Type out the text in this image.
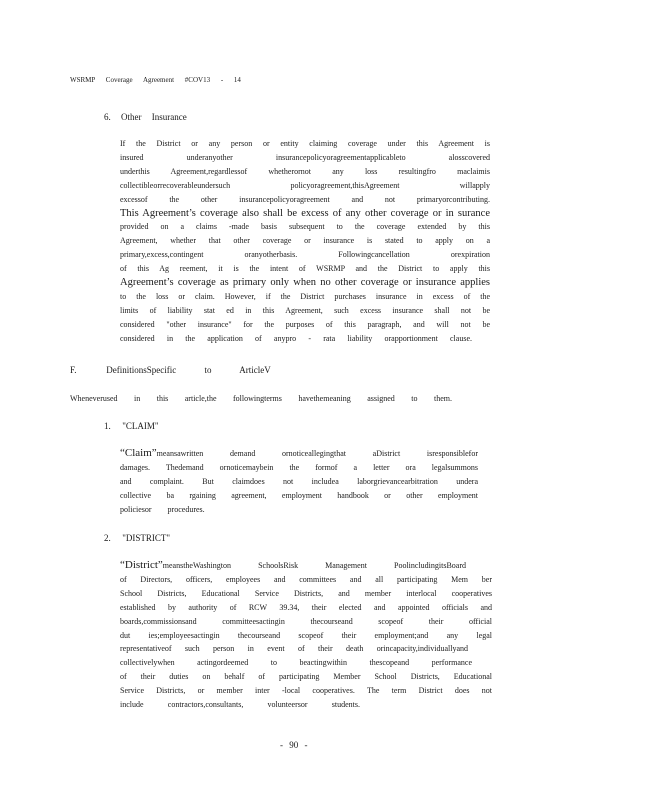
WSRMP Coverage Agreement #COV13 - 14
6. Other Insurance

If the District or any person or entity claiming coverage under this Agreement is

insured underanyother insurancepolicyoragreementapplicableto alosscovered

underthis Agreement,regardlessof whetherornot any loss resultingfro maclaimis

collectibleorrecoverableundersuch policyoragreement,thisAgreement willapply

excessof the other insurancepolicyoragreement and not primaryorcontributing.

This Agreement’s coverage also shall be excess of any other coverage or in surance

provided on a claims -made basis subsequent to the coverage extended by this

Agreement, whether that other coverage or insurance is stated to apply on a

primary,excess,contingent oranyotherbasis. Followingcancellation orexpiration

of this Ag reement, it is the intent of WSRMP and the District to apply this

Agreement’s coverage as primary only when no other coverage or insurance applies

to the loss or claim. However, if the District purchases insurance in excess of the

limits of liability stat ed in this Agreement, such excess insurance shall not be

considered "other insurance" for the purposes of this paragraph, and will not be

considered in the application of anypro - rata liability orapportionment clause.

F.	DefinitionsSpecific to ArticleV
Wheneverused in this article,the followingterms havethemeaning assigned to them.
1. "CLAIM"

“Claim”meansawritten demand ornoticeallegingthat aDistrict isresponsiblefor

damages. Thedemand ornoticemaybein the formof a letter ora legalsummons

and complaint. But claimdoes not includea laborgrievancearbitration undera

collective ba rgaining agreement, employment handbook or other employment

policiesor procedures.

2. "DISTRICT"

“District”meanstheWashington SchoolsRisk Management PoolincludingitsBoard

of Directors, officers, employees and committees and all participating Mem ber

School Districts, Educational Service Districts, and member interlocal cooperatives

established by authority of RCW 39.34, their elected and appointed officials and

boards,commissionsand committeesactingin thecourseand scopeof their official

dut ies;employeesactingin thecourseand scopeof their employment;and any legal

representativeof such person in event of their death orincapacity,individuallyand

collectivelywhen actingordeemed to beactingwithin thescopeand performance

of their duties on behalf of participating Member School Districts, Educational

Service Districts, or member inter -local cooperatives. The term District does not

include contractors,consultants, volunteersor students.

- 90 -
